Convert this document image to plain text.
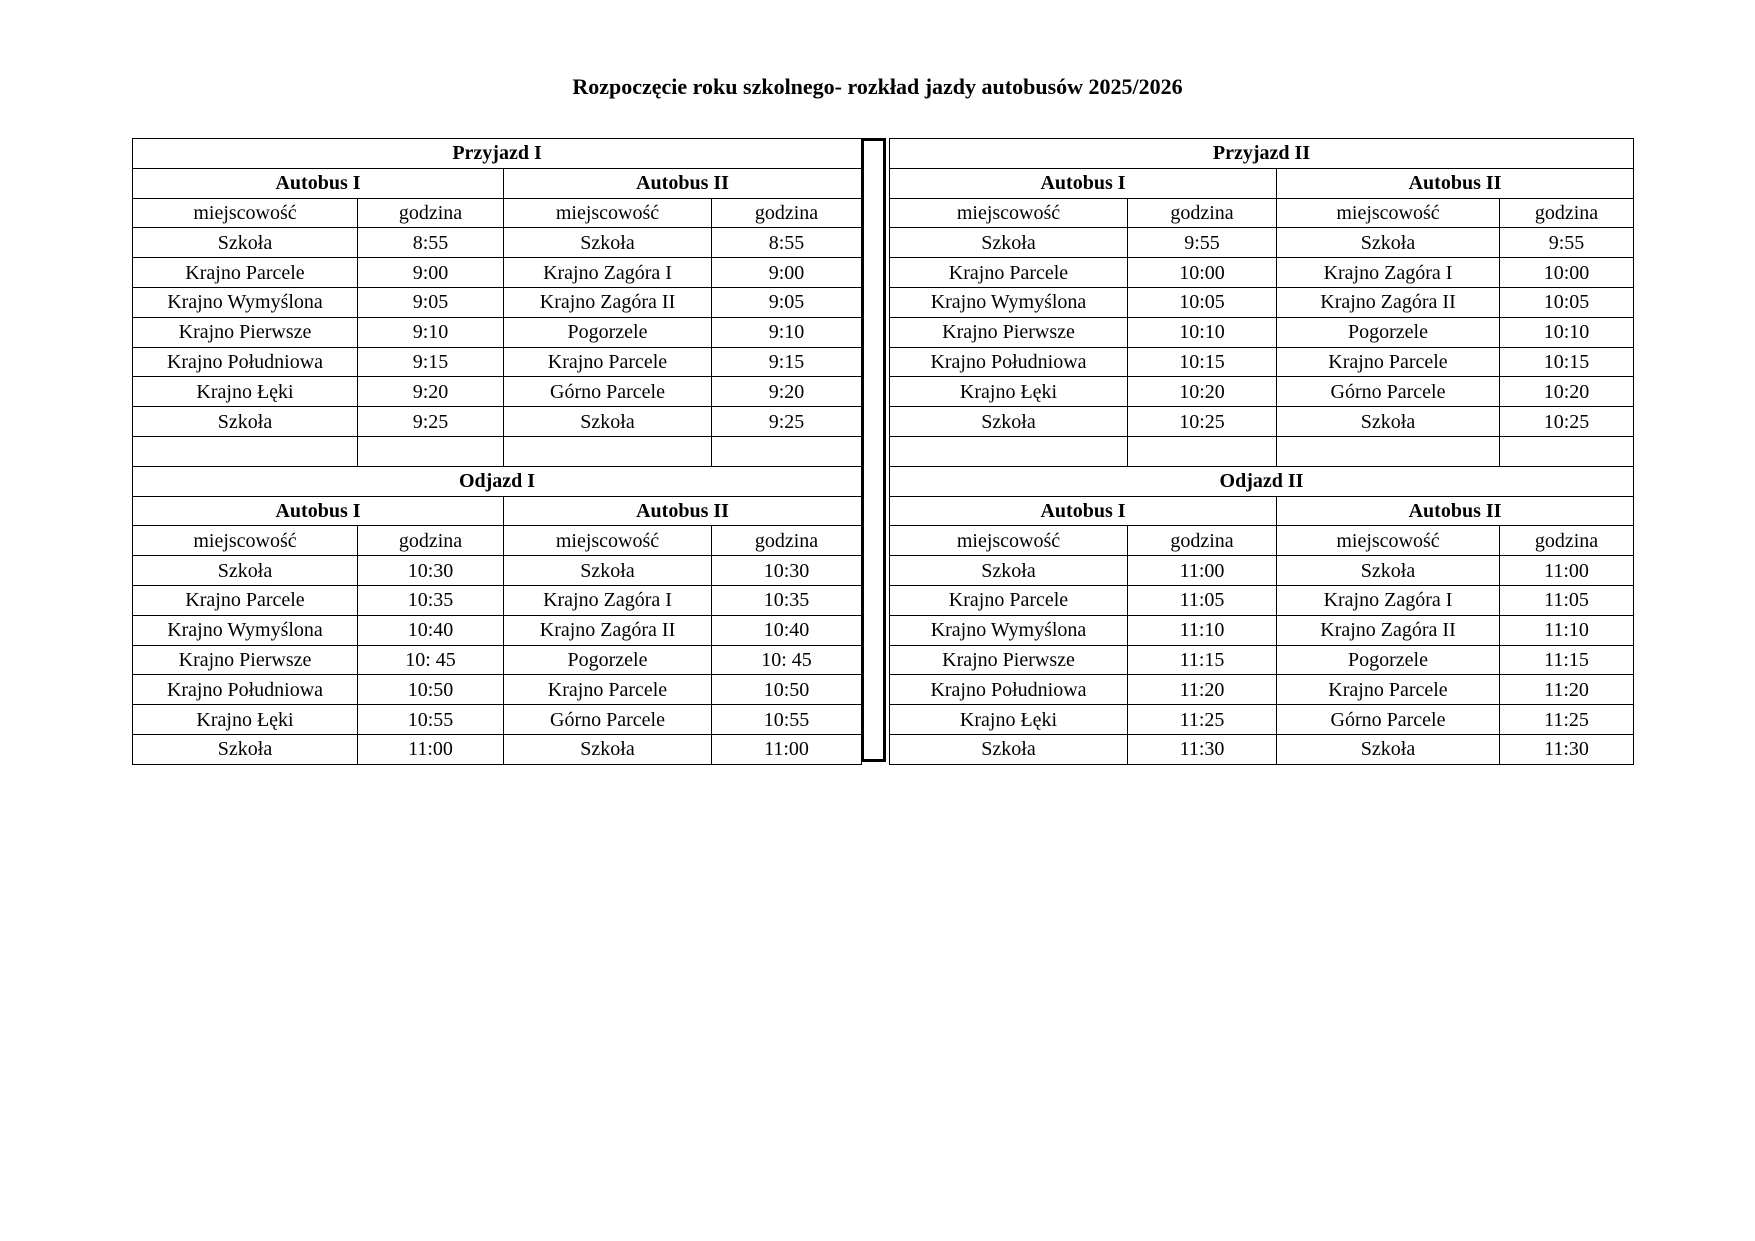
Rozpoczęcie roku szkolnego- rozkład jazdy autobusów 2025/2026
Przyjazd I			
Autobus I		Autobus II	
miejscowość	godzina	miejscowość	godzina
Szkoła	8:55	Szkoła	8:55
Krajno Parcele	9:00	Krajno Zagóra I	9:00
Krajno Wymyślona	9:05	Krajno Zagóra II	9:05
Krajno Pierwsze	9:10	Pogorzele	9:10
Krajno Południowa	9:15	Krajno Parcele	9:15
Krajno Łęki	9:20	Górno Parcele	9:20
Szkoła	9:25	Szkoła	9:25

Odjazd I			
Autobus I		Autobus II	
miejscowość	godzina	miejscowość	godzina
Szkoła	10:30	Szkoła	10:30
Krajno Parcele	10:35	Krajno Zagóra I	10:35
Krajno Wymyślona	10:40	Krajno Zagóra II	10:40
Krajno Pierwsze	10: 45	Pogorzele	10: 45
Krajno Południowa	10:50	Krajno Parcele	10:50
Krajno Łęki	10:55	Górno Parcele	10:55
Szkoła	11:00	Szkoła	11:00
Przyjazd II			
Autobus I		Autobus II	
miejscowość	godzina	miejscowość	godzina
Szkoła	9:55	Szkoła	9:55
Krajno Parcele	10:00	Krajno Zagóra I	10:00
Krajno Wymyślona	10:05	Krajno Zagóra II	10:05
Krajno Pierwsze	10:10	Pogorzele	10:10
Krajno Południowa	10:15	Krajno Parcele	10:15
Krajno Łęki	10:20	Górno Parcele	10:20
Szkoła	10:25	Szkoła	10:25

Odjazd II			
Autobus I		Autobus II	
miejscowość	godzina	miejscowość	godzina
Szkoła	11:00	Szkoła	11:00
Krajno Parcele	11:05	Krajno Zagóra I	11:05
Krajno Wymyślona	11:10	Krajno Zagóra II	11:10
Krajno Pierwsze	11:15	Pogorzele	11:15
Krajno Południowa	11:20	Krajno Parcele	11:20
Krajno Łęki	11:25	Górno Parcele	11:25
Szkoła	11:30	Szkoła	11:30
